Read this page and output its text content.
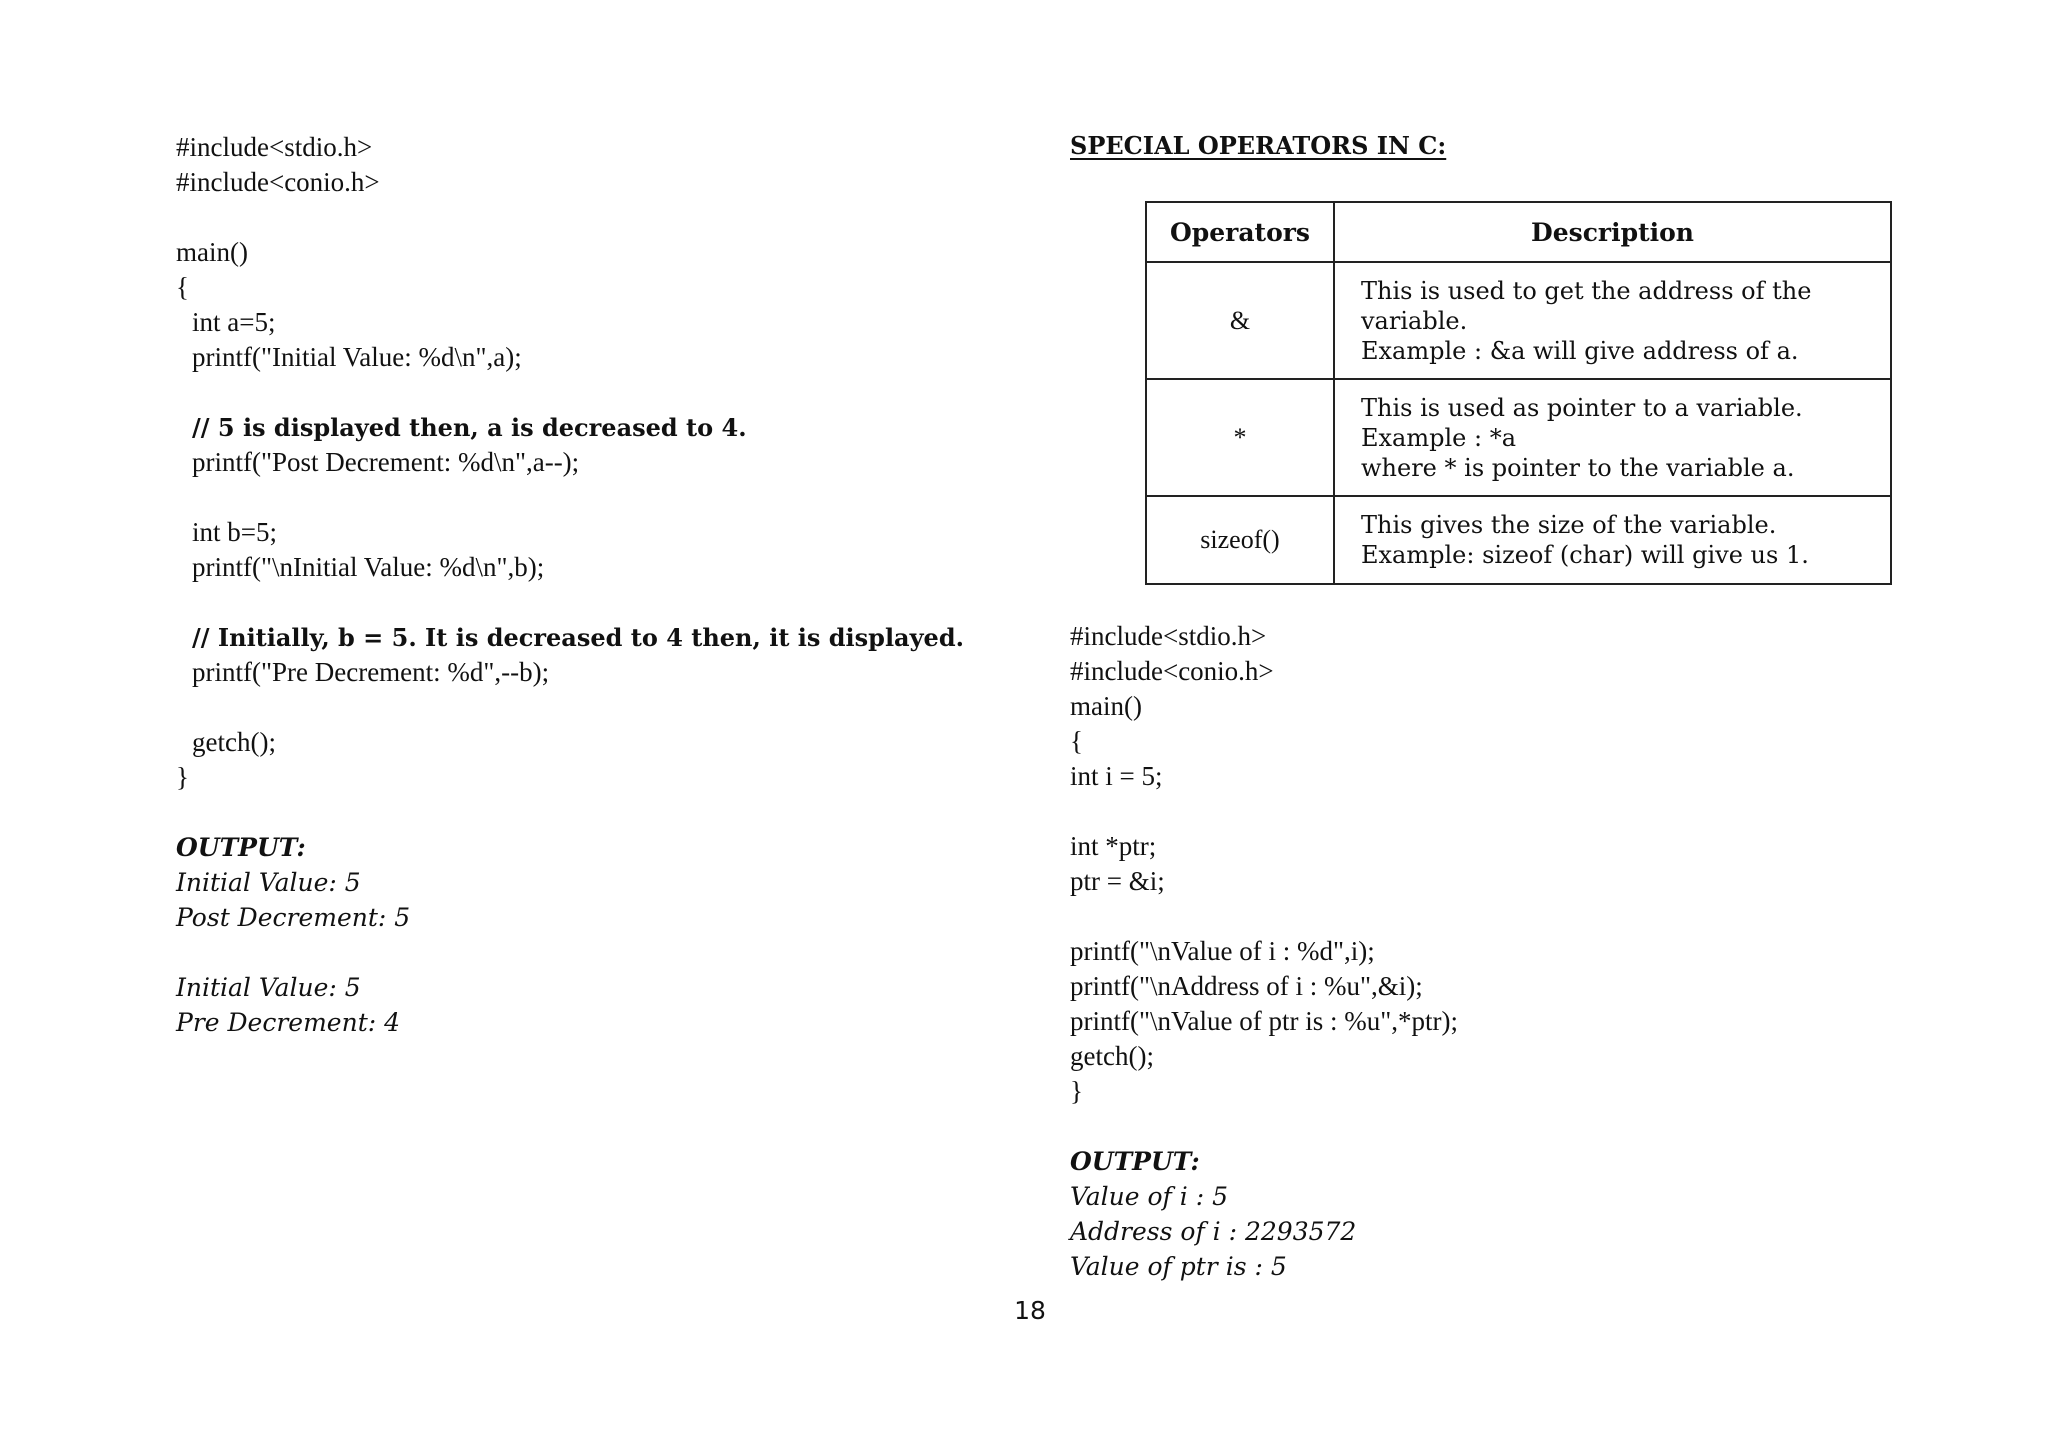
#include<stdio.h>
#include<conio.h>
main()
{
int a=5;
printf("Initial Value: %d\n",a);
// 5 is displayed then, a is decreased to 4.
printf("Post Decrement: %d\n",a--);
int b=5;
printf("\nInitial Value: %d\n",b);
// Initially, b = 5. It is decreased to 4 then, it is displayed.
printf("Pre Decrement: %d",--b);
getch();
}
OUTPUT:
Initial Value: 5
Post Decrement: 5
Initial Value: 5
Pre Decrement: 4
SPECIAL OPERATORS IN C:
Operators	Description
&	This is used to get the address of the
variable.
Example : &a will give address of a.

*	This is used as pointer to a variable.
Example : *a
where * is pointer to the variable a.

sizeof()	This gives the size of the variable.
Example: sizeof (char) will give us 1.
#include<stdio.h>
#include<conio.h>
main()
{
int i = 5;
int *ptr;
ptr = &i;
printf("\nValue of i : %d",i);
printf("\nAddress of i : %u",&i);
printf("\nValue of ptr is : %u",*ptr);
getch();
}
OUTPUT:
Value of i : 5
Address of i : 2293572
Value of ptr is : 5
18
